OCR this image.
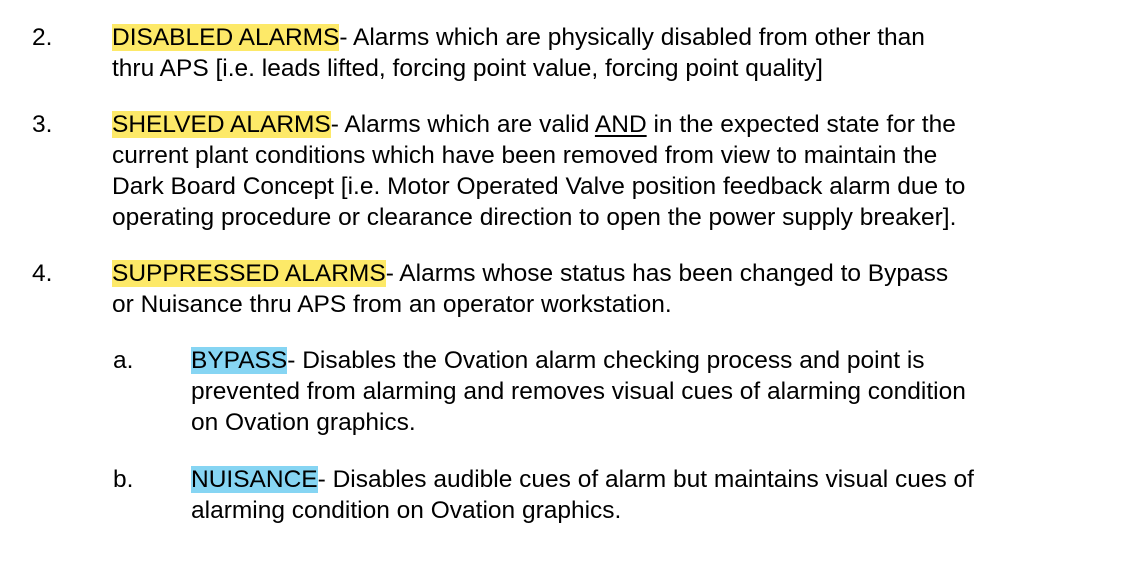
2. DISABLED ALARMS- Alarms which are physically disabled from other than
thru APS [i.e. leads lifted, forcing point value, forcing point quality]
3. SHELVED ALARMS- Alarms which are valid AND in the expected state for the
current plant conditions which have been removed from view to maintain the
Dark Board Concept [i.e. Motor Operated Valve position feedback alarm due to
operating procedure or clearance direction to open the power supply breaker].
4. SUPPRESSED ALARMS- Alarms whose status has been changed to Bypass
or Nuisance thru APS from an operator workstation.
a. BYPASS- Disables the Ovation alarm checking process and point is
prevented from alarming and removes visual cues of alarming condition
on Ovation graphics.
b. NUISANCE- Disables audible cues of alarm but maintains visual cues of
alarming condition on Ovation graphics.
